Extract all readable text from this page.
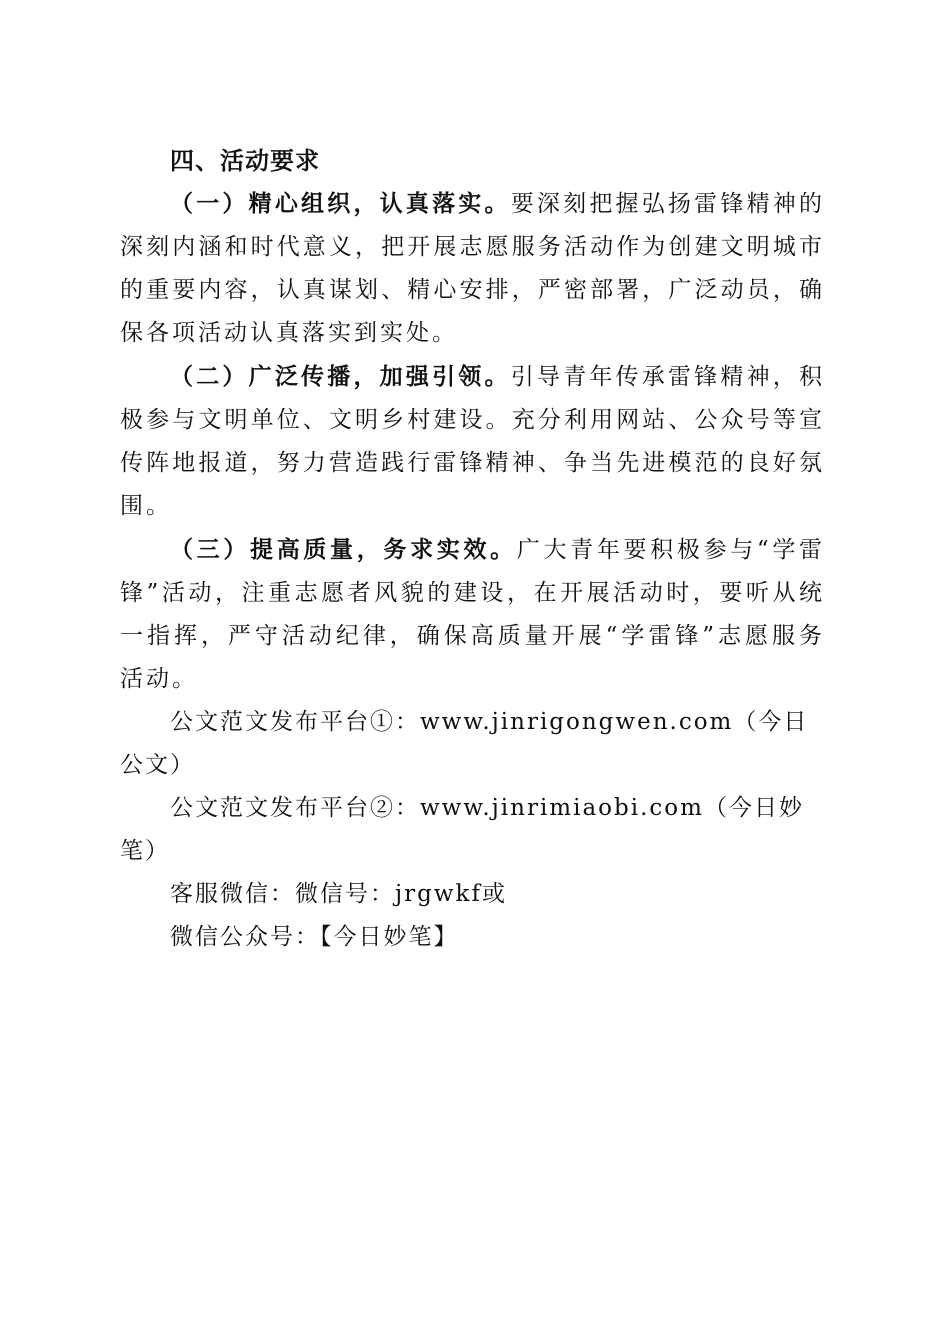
四、活动要求

（一）精心组织，认真落实。要深刻把握弘扬雷锋精神的深刻内涵和时代意义，把开展志愿服务活动作为创建文明城市的重要内容，认真谋划、精心安排，严密部署，广泛动员，确保各项活动认真落实到实处。

（二）广泛传播，加强引领。引导青年传承雷锋精神，积极参与文明单位、文明乡村建设。充分利用网站、公众号等宣传阵地报道，努力营造践行雷锋精神、争当先进模范的良好氛围。

（三）提高质量，务求实效。广大青年要积极参与“学雷锋”活动，注重志愿者风貌的建设，在开展活动时，要听从统一指挥，严守活动纪律，确保高质量开展“学雷锋”志愿服务活动。

公文范文发布平台①：www.jinrigongwen.com（今日公文）

公文范文发布平台②：www.jinrimiaobi.com（今日妙笔）

客服微信：微信号：jrgwkf或

微信公众号：【今日妙笔】
